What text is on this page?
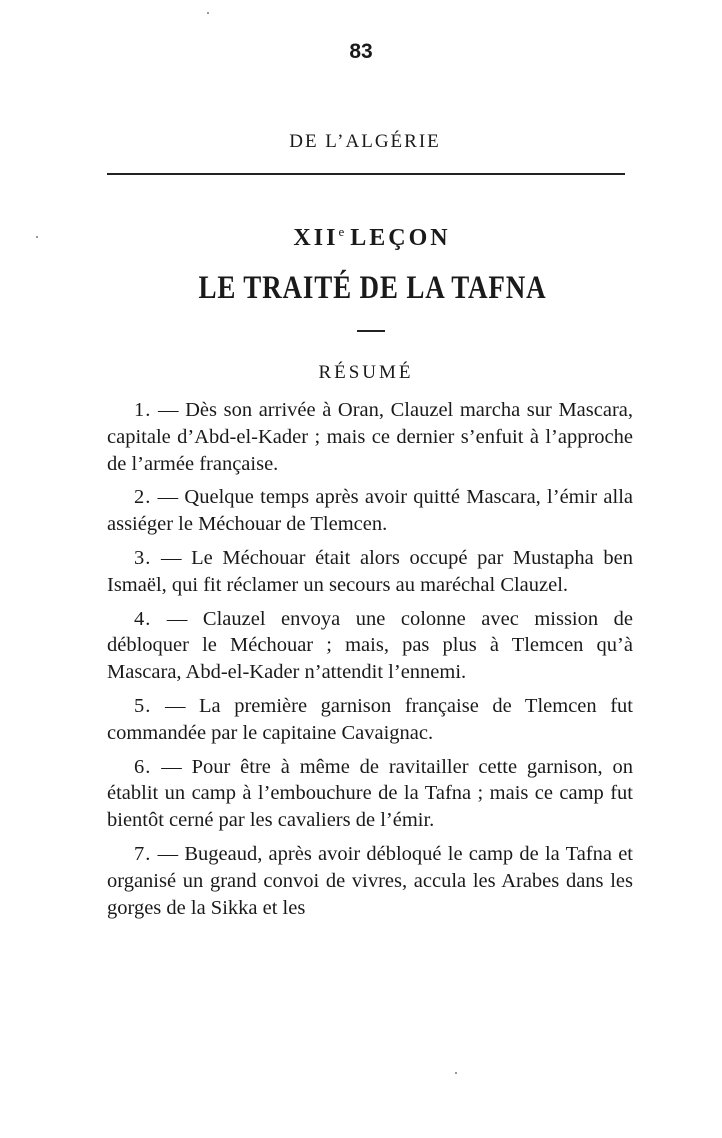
83
DE L’ALGÉRIE
XIIe LEÇON
LE TRAITÉ DE LA TAFNA
RÉSUMÉ

1. — Dès son arrivée à Oran, Clauzel marcha sur Mascara, capitale d’Abd-el-Kader ; mais ce dernier s’enfuit à l’approche de l’armée française.

2. — Quelque temps après avoir quitté Mascara, l’émir alla assiéger le Méchouar de Tlemcen.

3. — Le Méchouar était alors occupé par Mustapha ben Ismaël, qui fit réclamer un secours au maréchal Clauzel.

4. — Clauzel envoya une colonne avec mission de débloquer le Méchouar ; mais, pas plus à Tlemcen qu’à Mascara, Abd-el-Kader n’attendit l’ennemi.

5. — La première garnison française de Tlemcen fut commandée par le capitaine Cavaignac.

6. — Pour être à même de ravitailler cette garnison, on établit un camp à l’embouchure de la Tafna ; mais ce camp fut bientôt cerné par les cavaliers de l’émir.

7. — Bugeaud, après avoir débloqué le camp de la Tafna et organisé un grand convoi de vivres, accula les Arabes dans les gorges de la Sikka et les
